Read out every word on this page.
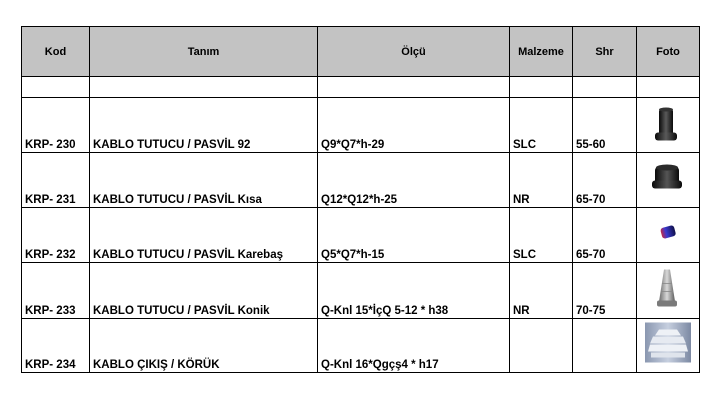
Kod	Tanım	Ölçü	Malzeme	Shr	Foto

KRP- 230	KABLO TUTUCU / PASVİL 92	Q9*Q7*h-29	SLC	55-60	

KRP- 231	KABLO TUTUCU / PASVİL Kısa	Q12*Q12*h-25	NR	65-70	

KRP- 232	KABLO TUTUCU / PASVİL Karebaş	Q5*Q7*h-15	SLC	65-70	

KRP- 233	KABLO TUTUCU / PASVİL Konik	Q-Knl 15*İçQ 5-12 * h38	NR	70-75	

KRP- 234	KABLO ÇIKIŞ / KÖRÜK	Q-Knl 16*Qgçş4 * h17			
